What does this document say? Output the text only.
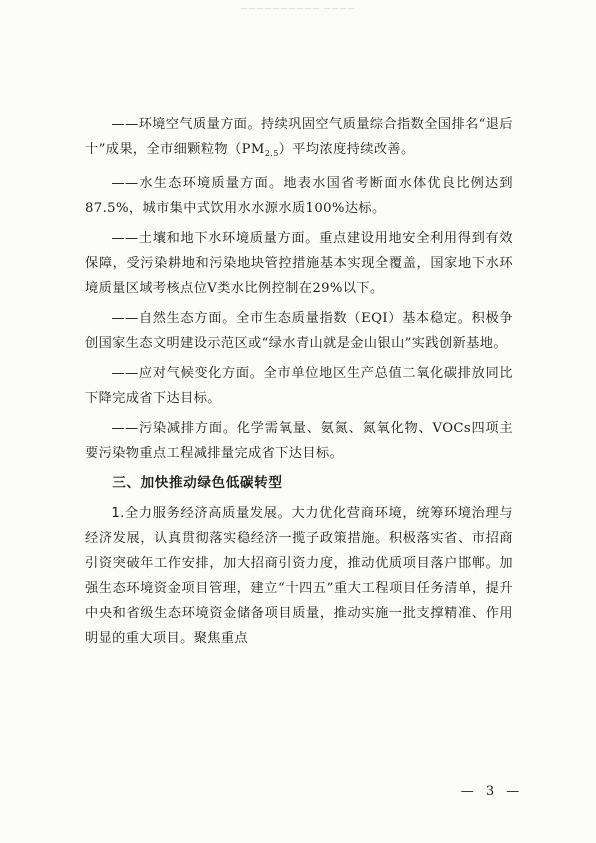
—————————— ————

——环境空气质量方面。持续巩固空气质量综合指数全国排名“退后十”成果，全市细颗粒物$(PM_{2.5})$平均浓度持续改善。

——水生态环境质量方面。地表水国省考断面水体优良比例达到87.5%，城市集中式饮用水水源水质100%达标。

——土壤和地下水环境质量方面。重点建设用地安全利用得到有效保障，受污染耕地和污染地块管控措施基本实现全覆盖，国家地下水环境质量区域考核点位Ⅴ类水比例控制在29%以下。

——自然生态方面。全市生态质量指数（EQI）基本稳定。积极争创国家生态文明建设示范区或“绿水青山就是金山银山”实践创新基地。

——应对气候变化方面。全市单位地区生产总值二氧化碳排放同比下降完成省下达目标。

——污染减排方面。化学需氧量、氨氮、氮氧化物、VOCs四项主要污染物重点工程减排量完成省下达目标。

三、加快推动绿色低碳转型

1.全力服务经济高质量发展。大力优化营商环境，统筹环境治理与经济发展，认真贯彻落实稳经济一揽子政策措施。积极落实省、市招商引资突破年工作安排，加大招商引资力度，推动优质项目落户邯郸。加强生态环境资金项目管理，建立“十四五”重大工程项目任务清单，提升中央和省级生态环境资金储备项目质量，推动实施一批支撑精准、作用明显的重大项目。聚焦重点

— 3 —
